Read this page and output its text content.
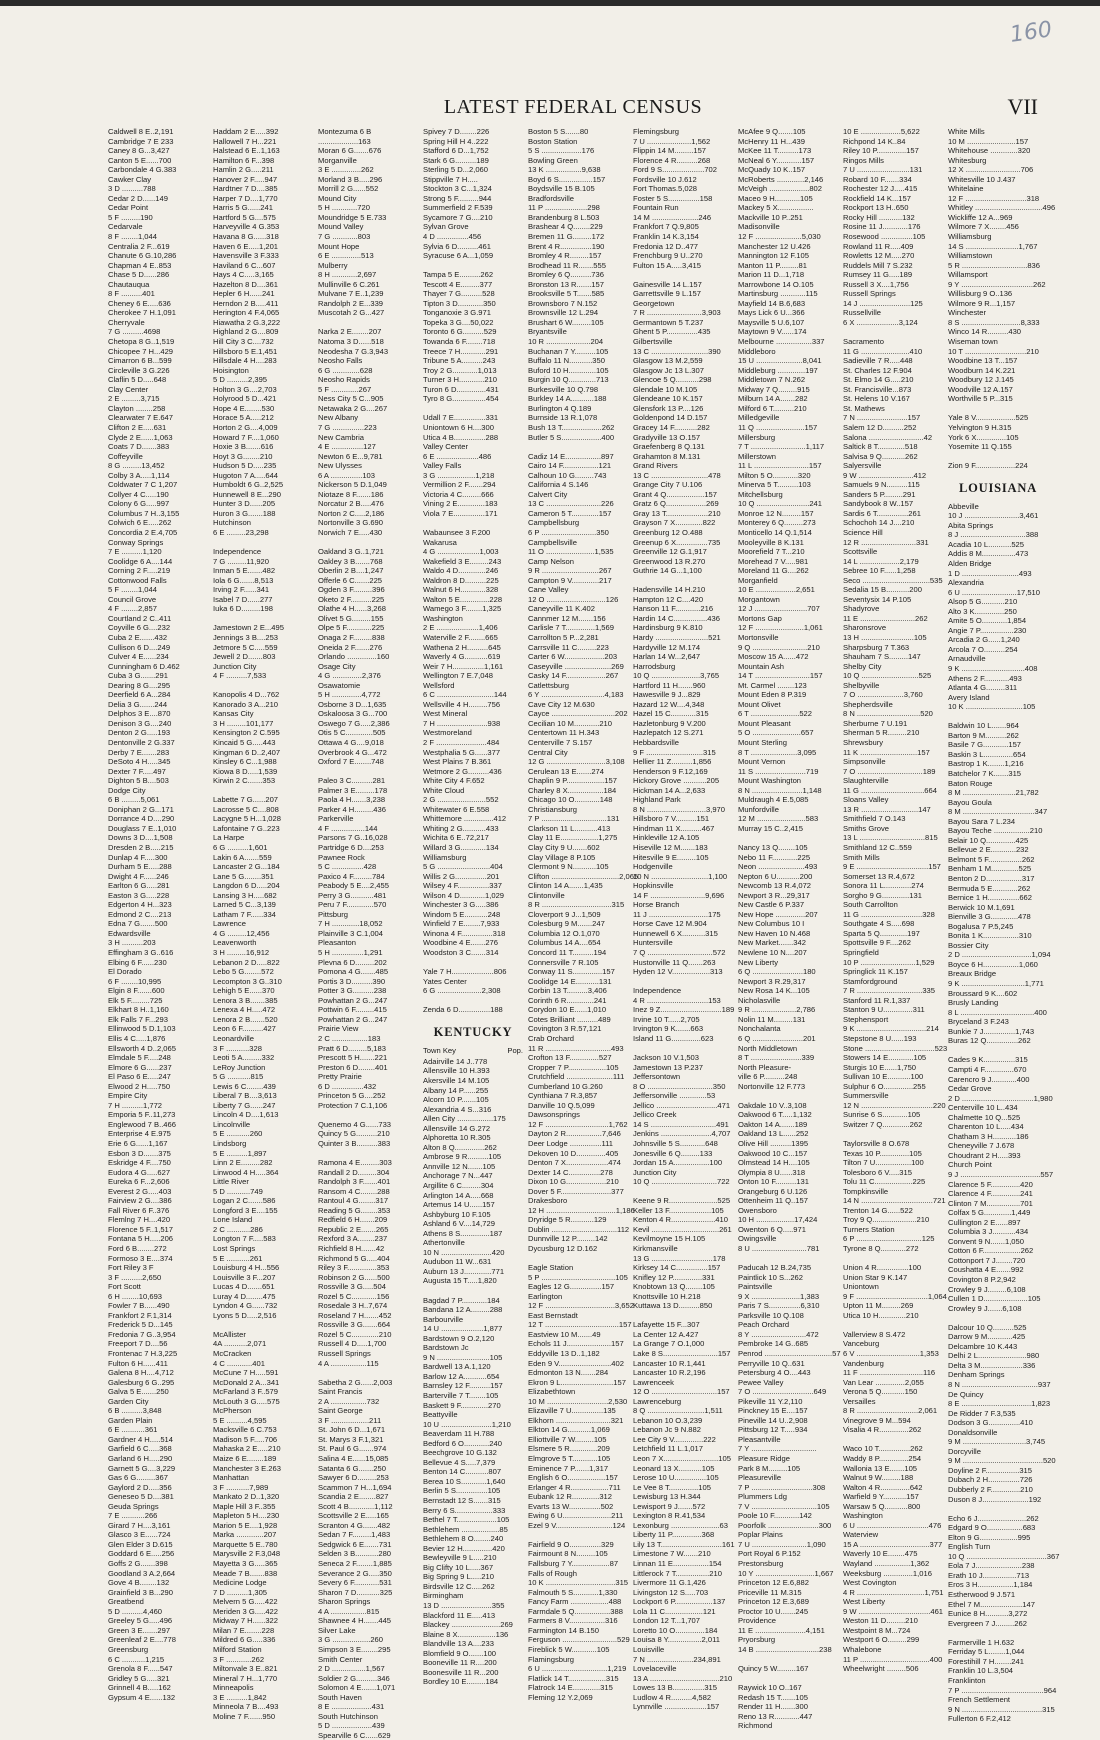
160
LATEST FEDERAL CENSUS	VII
Caldwell 8 E..2,191
Cambridge 7 E 233
Caney 8 G...3,427
Canton 5 E......700
Carbondale 4 G.383
Cawker Clay
3 D ..........788
Cedar 2 D......149
Cedar Point
5 F .........190
Cedarvale
8 F ........1,044
Centralia 2 F...619
Chanute 6 G.10,286
Chapman 4 E..853
Chase 5 D......286
Chautauqua
8 F ..........401
Cheney 6 E.....636
Cherokee 7 H.1,091
Cherryvale
7 G ..........4698
Chetopa 8 G..1,519
Chicopee 7 H...429
Cimarron 6 B...599
Circleville 3 G.226
Claflin 5 D.....648
Clay Center
2 E .........3,715
Clayton ........258
Clearwater 7 E.647
Clifton 2 E.....631
Clyde 2 E......1,063
Coats 7 D.......383
Coffeyville
8 G .........13,452
Colby 3 A.....1,114
Coldwater 7 C 1,207
Collyer 4 C.....190
Colony 6 G.....997
Columbus 7 H..3,155
Colwich 6 E.....262
Concordia 2 E.4,705
Conway Springs
7 E ..........1,120
Coolidge 6 A....144
Corning 2 F.....219
Cottonwood Falls
5 F ........1,044
Council Grove
4 F ........2,857
Courtland 2 C..411
Coyville 6 G....232
Cuba 2 E.......432
Cullison 6 D....249
Culver 4 E......234
Cunningham 6 D.462
Cuba 3 G.......291
Dearing 8 G....295
Deerfield 6 A...284
Delia 3 G.......244
Delphos 3 E....870
Denison 3 G....240
Denton 2 G.....193
Dentonville 2 G.337
Derby 7 E.......283
DeSoto 4 H.....345
Dexter 7 F.....497
Dighton 5 B....503
Dodge City
6 B .........5,061
Doniphan 2 G...171
Dorrance 4 D....290
Douglass 7 E..1,010
Downs 3 D....1,508
Dresden 2 B.....215
Dunlap 4 F.....300
Durham 5 E.....288
Dwight 4 F......246
Earlton 6 G.....281
Easton 3 G.....228
Edgerton 4 H...323
Edmond 2 C....213
Edna 7 G.......500
Edwardsville
3 H ..........203
Effingham 3 G..616
Elbing 6 F......230
El Dorado
6 F ........10,995
Elgin 8 F.......600
Elk 5 F.........725
Elkhart 8 H..1,160
Elk Falls 7 F...293
Ellinwood 5 D.1,103
Ellis 4 C.....1,876
Ellsworth 4 D..2,065
Elmdale 5 F.....248
Elmore 6 G......237
El Paso 6 E.....247
Elwood 2 H.....750
Empire City
7 H ..........1,772
Emporia 5 F..11,273
Englewood 7 B..466
Enterprise 4 E.975
Erie 6 G......1,167
Esbon 3 D.......375
Eskridge 4 F....750
Eudora 4 G.....627
Eureka 6 F...2,606
Everest 2 G.....403
Fairview 2 G....386
Fall River 6 F..376
Flemlng 7 H....420
Florence 5 F..1,517
Fontana 5 H.....206
Ford 6 B........272
Formoso 3 E....374
Fort Riley 3 F
3 F ..........2,650
Fort Scott
6 H ........10,693
Fowler 7 B......490
Frankfort 2 F.1,314
Frederick 5 D...145
Fredonia 7 G..3,954
Freeport 7 D....56
Frontenac 7 H.3,225
Fulton 6 H......411
Galena 8 H....4,712
Galesburg 6 G..295
Galva 5 E.......250
Garden City
6 B ..........3,848
Garden Plain
6 E ...........361
Gardner 4 H.....514
Garfield 6 C.....368
Garland 6 H.....290
Garnett 5 G....3,229
Gas 6 G.........367
Gaylord 2 D.....356
Geneseo 5 D....381
Geuda Springs
7 E ...........266
Girard 7 H....3,161
Glasco 3 E......724
Glen Elder 3 D.615
Goddard 6 E.....256
Goffs 2 G.......398
Goodland 3 A.2,664
Gove 4 B........132
Grainfield 3 B...290
Greatbend
5 D ..........4,460
Greeley 5 G.....496
Green 3 E.......297
Greenleaf 2 E....778
Greensburg
6 C ...........1,215
Grenola 8 F......547
Gridley 5 G.....321
Grinnell 4 B.....162
Gypsum 4 E......132
Haddam 2 E.....392
Hallowell 7 H...221
Halstead 6 E..1,163
Hamilton 6 F...398
Hamlin 2 G.....211
Hanover 2 F.....947
Hardtner 7 D....385
Harper 7 D....1,770
Harris 5 G......241
Hartford 5 G....575
Harveyville 4 G.353
Havana 8 G......318
Haven 6 E.....1,201
Havensville 3 F.333
Haviland 6 C...607
Hays 4 C.....3,165
Hazelton 8 D....361
Hepler 6 H......241
Herndon 2 B.....411
Herington 4 F.4,065
Hiawatha 2 G.3,222
Highland 2 G....809
Hill City 3 C....732
Hillsboro 5 E.1,451
Hillsdale 4 H....283
Hoisington
5 D ..........2,395
Holton 3 G....2,703
Holyrood 5 D...421
Hope 4 E........530
Horace 5 A.....212
Horton 2 G....4,009
Howard 7 F....1,060
Hoxie 3 B.......616
Hoyt 3 G........210
Hudson 5 D.....235
Hugoton 7 A.....644
Humboldt 6 G..2,525
Hunnewell 8 E...290
Hunter 3 D......205
Huron 3 G.......188
Hutchinson
6 E .........23,298

Independence
7 G .........11,920
Inman 5 E.......482
Iola 6 G.......8,513
Irving 2 F......341
Isabel 7 D......277
Iuka 6 D.........198

Jamestown 2 E...495
Jennings 3 B....253
Jetmore 5 C.....559
Jewell 2 D.......803
Junction City
4 F ..........7,533

Kanopolis 4 D...762
Kanorado 3 A...210
Kansas City
3 H .........101,177
Kensington 2 C.595
Kincaid 5 G.....443
Kingman 6 D..2,407
Kinsley 6 C...1,988
Kiowa 8 D.....1,539
Kirwin 2 C.......353

Labette 7 G......207
Lacrosse 5 C....808
Lacygne 5 H...1,028
Lafontaine 7 G..223
La Harpe
6 G ..........1,601
Lakin 6 A.......559
Lancaster 2 G...184
Lane 5 G........351
Langdon 6 D.....204
Lansing 3 H.....682
Larned 5 C...3,139
Latham 7 F......334
Lawrence
4 G .........12,456
Leavenworth
3 H .........16,912
Lebanon 2 D.....822
Lebo 5 G........572
Lecompton 3 G..310
Lehigh 5 E......370
Lenora 3 B.......385
Lenexa 4 H.....472
Lenora 2 B.......520
Leon 6 F..........427
Leonardville
3 F ...........328
Leoti 5 A.........332
LeRoy Junction
5 G ...........815
Lewis 6 C........439
Liberal 7 B....3,613
Liberty 7 G......247
Lincoln 4 D....1,613
Lincolnville
5 E ...........260
Lindsborg
5 E ..........1,897
Linn 2 E.........282
Linwood 4 H.....364
Little River
5 D ...........749
Logan 2 C.......586
Longford 3 E....155
Lone Island
2 C ...........286
Longton 7 F.....583
Lost Springs
5 E ...........261
Louisburg 4 H...556
Louisville 3 F...207
Lucas 4 D.......651
Luray 4 D........475
Lyndon 4 G......732
Lyons 5 D.....2,516

McAllister
4A ...........2,071
McCracken
4 C ............401
McCune 7 H.....591
McDonald 2 A...341
McFarland 3 F..579
McLouth 3 G.....575
McPherson
5 E ..........4,595
Macksville 6 C.753
Madison 5 F.....706
Mahaska 2 E.....210
Maize 6 E........189
Manchester 3 E.263
Manhattan
3 F ...........7,989
Mankato 2 D..1,320
Maple Hill 3 F..355
Mapleton 5 H....230
Marion 5 E....1,928
Marka .............207
Marquette 5 E..780
Marysville 2 F.3,048
Mayetta 3 G.....365
Meade 7 B.......838
Medicine Lodge
7 D ..........1,305
Melvern 5 G.....422
Meriden 3 G.....422
Midway 7 H......322
Milan 7 E........228
Mildred 6 G.....336
Milford Station
3 F ............262
Miltonvale 3 E..821
Mineral 7 H...1,770
Minneapolis
3 E ..........1,842
Minneola 7 B....493
Moline 7 F.......950
Montezuma 6 B
...................163
Moran 6 G.......676
Morganville
3 E ..............262
Morland 3 B.....296
Morrill 2 G......552
Mound City
5 H ............720
Moundridge 5 E.733
Mound Valley
7 G ............803
Mount Hope
6 E ..............513
Mulberry
8 H ............2,697
Mullinville 6 C.261
Mulvane 7 E..1,239
Randolph 2 E...339
Muscotah 2 G...427

Narka 2 E........207
Natoma 3 D......518
Neodesha 7 G.3,943
Neosho Falls
6 G .............628
Neosho Rapids
5 F .............267
Ness City 5 C...905
Netawaka 2 G....267
New Albany
7 G ...............223
New Cambria
4 E ...............127
Newton 6 E...9,781
New Ulysses
6 A ...............103
Nickerson 5 D.1,049
Niotaze 8 F.......186
Norcatur 2 B.....476
Norton 2 C.....2,186
Nortonville 3 G.690
Norwich 7 E.....430

Oakland 3 G..1,721
Oakley 3 B.......768
Oberlin 2 B....1,247
Offerle 6 C.......225
Ogden 3 F.........396
Oketo 2 F..........225
Olathe 4 H......3,268
Olivet 5 G.........155
Olpe 5 F............225
Onaga 2 F.........838
Oneida 2 F.......276
Orlando ..............160
Osage City
4 G ..............2,376
Osawatomie
5 H ..............4,772
Osborne 3 D...1,635
Oskaloosa 3 G...700
Oswego 7 G.....2,386
Otis 5 C.............505
Ottawa 4 G....9,018
Overbrook 4 G...472
Oxford 7 E........748

Paleo 3 C..........281
Palmer 3 E.........178
Paola 4 H.......3,238
Parker 4 H.........436
Parkerville
4 F ................144
Parsons 7 G..16,028
Partridge 6 D....253
Pawnee Rock
5 C ...............428
Paxico 4 F.........784
Peabody 5 E....2,455
Perry 3 G...........481
Peru 7 F.............570
Pittsburg
7 H .............18,052
Plainville 3 C.1,004
Pleasanton
5 H ...............1,291
Plevna 6 D.........202
Pomona 4 G.......485
Portis 3 D..........390
Potter 3 G..........238
Powhattan 2 G...247
Pottwin 6 F.........415
Powhattan 2 G...247
Prairie View
2 C .................183
Pratt 6 D.........5,183
Prescott 5 H.......221
Preston 6 D........401
Pretty Prairie
6 D ...............432
Princeton 5 G....252
Protection 7 C.1,106

Quenemo 4 G......733
Quincy 5 G..........210
Quinter 3 B..........383

Ramona 4 E.........303
Randall 2 D.........304
Randolph 3 F.......401
Ransom 4 C........288
Rantoul 4 G........317
Reading 5 G........353
Redfield 6 H.......209
Republic 2 E.......265
Rexford 3 A........237
Richfield 8 H.......42
Richmond 5 G.....404
Riley 3 F..............353
Robinson 2 G......500
Rossville 3 G.....504
Rozel 5 C............156
Rosedale 3 H..7,674
Roseland 7 H.......452
Rossville 3 G.......664
Rozel 5 C.............210
Russell 4 D.....1,700
Russell Springs
4 A .................115

Sabetha 2 G......2,003
Saint Francis
2 A .................732
Saint George
3 F ..................211
St. John 6 D...1,671
St. Marys 3 F.1,321
St. Paul 6 G.......974
Salina 4 E......15,085
Satanta 6 G.......250
Sawyer 6 D.........253
Scammon 7 H...1,694
Scandia 2 E........827
Scott 4 B............1,112
Scottsville 2 E.....165
Scranton 4 G.......482
Sedan 7 F.........1,483
Sedgwick 6 E.......731
Selden 3 B...........280
Seneca 2 F........1,885
Severance 2 G.....350
Severy 6 F............531
Sharon 7 D...........325
Sharon Springs
4 A .................815
Shawnee 4 H.......445
Silver Lake
3 G ..................260
Simpson 3 E........295
Smith Center
2 D ................1,567
Soldier 2 G..........346
Solomon 4 E.......1,071
South Haven
8 E ...................431
South Hutchinson
5 D ...................439
Spearville 6 C......629
Spivey 7 D........226
Spring Hill H 4..222
Stafford 6 D...1,752
Stark 6 G..........189
Sterling 5 D...2,060
Stippville 7 H.....
Stockton 3 C...1,324
Strong 5 F..........944
Summerfield 2 F.539
Sycamore 7 G....210
Sylvan Grove
4 D ...............456
Sylvia 6 D..........461
Syracuse 6 A...1,059

Tampa 5 E..........262
Tescott 4 E.........377
Thayer 7 G..........528
Tipton 3 D............350
Tonganoxie 3 G.971
Topeka 3 G....50,022
Toronto 6 G..........529
Towanda 6 F........718
Treece 7 H............291
Tribune 5 A..........243
Troy 2 G............1,013
Turner 3 H............210
Turon 6 D..............431
Tyro 8 G................454

Udall 7 E...............331
Uniontown 6 H....300
Utica 4 B...............288
Valley Center
6 E ....................486
Valley Falls
3 G ..................1,218
Vermillion 2 F.......294
Victoria 4 C.........666
Vining 2 E.............183
Viola 7 E...............171

Wabaunsee 3 F.200
Wakarusa
4 G ....................1,003
Wakefield 3 E.........243
Waldo 4 D.............246
Waldron 8 D..........225
Walnut 6 H............328
Walton 5 E..............228
Wamego 3 F........1,325
Washington
2 E ....................1,406
Waterville 2 F........665
Wathena 2 H..........645
Waverly 4 G...........619
Weir 7 H...............1,161
Wellington 7 E.7,048
Wellsford
6 C ...........................144
Wellsville 4 H.........756
West Mineral
7 H ........................938
Westmoreland
2 F ........................484
Westphalia 5 G......377
West Plains 7 B.361
Wetmore 2 G..........436
White City 4 F.652
White Cloud
2 G .......................552
Whitewater 6 E.558
Whittemore ..............412
Whiting 2 G...........433
Wichita 6 E..72,217
Willard 3 G............134
Williamsburg
5 G .........................404
Willis 2 G...............201
Wilsey 4 F...............337
Wilson 4 D............1,029
Winchester 3 G.....386
Windom 5 E...........248
Winfield 7 E........7,933
Winona 4 F...............318
Woodbine 4 E.......276
Woodston 3 C.......314

Yale 7 H....................806
Yates Center
6 G .....................2,308

Zenda 6 D...............188
KENTUCKY
Town Key	Pop.
Adairville 14 J..778
Allensville 10 H.393
Akersville 14 M.105
Albany 14 P......255
Alcorn 10 P.......105
Alexandria 4 S...316
Allen City .................175
Allensville 14 G.272
Alphoretta 10 R.305
Alton 8 Q..............262
Ambrose 9 R..........105
Annville 12 N.......105
Anchorage 7 N...447
Argillite 6 C.........304
Arlington 14 A.....668
Artemus 14 U......157
Ashbyburg 10 F.105
Ashland 6 V....14,729
Athens 8 S..............187
Athertonville
10 N ........................420
Audubon 11 W...631
Auburn 13 J.............771
Augusta 15 T.....1,820

Bagdad 7 P............184
Bandana 12 A.........288
Barbourville
14 U ....................1,877
Bardstown 9 O.2,120
Bardstown Jc
9 N .........................105
Bardwell 13 A.1,120
Barlow 12 A...........654
Barnsley 12 F..........157
Barterville 7 T........105
Baskett 9 F.............270
Beattyville
10 U ........................1,210
Beaverdam 11 H.788
Bedford 6 O............240
Beechgrove 10 G.132
Bellevue 4 S.....7,379
Benton 14 C...........807
Berea 10 S............1,640
Berlin 5 S...............105
Bernstadt 12 S.......315
Berry 6 S..................333
Bethel 7 T...................105
Bethlehem ..................85
Bethlehem 8 O........240
Bevier 12 H..............420
Bewleyville 9 L.....210
Big Clifty 10 L.....367
Big Spring 9 L.....210
Birdsville 12 C.....262
Birmingham
13 D ........................355
Blackford 11 E.....413
Blackey .......................269
Blaine 8 X..................136
Blandville 13 A....233
Blomfield 9 O.......100
Booneville 11 R....200
Boonesville 11 R...200
Bordley 10 E.........184
Boston 5 S.......80
Boston Station
5 S ...................176
Bowling Green
13 K .................9,638
Boyd 6 S................157
Boydsville 15 B.105
Bradfordsville
11 P ....................298
Brandenburg 8 L.503
Brashear 4 Q........229
Bremen 11 G.........172
Brent 4 R...............190
Bromley 4 R.........157
Brodhead 11 R.......555
Bromley 6 Q..........736
Bronston 13 R.......157
Brooksville 5 T.......585
Brownsboro 7 N.152
Brownsville 12 L.294
Brushart 6 W.........105
Bryantsville
10 R .....................204
Buchanan 7 Y..........105
Buffalo 11 N...........350
Buford 10 H.............105
Burgin 10 Q.............713
Burkesville 10 Q.798
Burkley 14 A...........188
Burlington 4 Q.189
Burnside 13 R.1,078
Bush 13 T...................262
Butler 5 S...................400

Cadiz 14 E.................897
Cairo 14 F.................121
Calhoun 10 G.........743
California 4 S.146
Calvert City
13 C ..........................226
Cameron 5 T.............157
Campbellsburg
6 P ..........................350
Campbellsville
11 O .......................1,535
Camp Nelson
9 R ...........................267
Campton 9 V.............217
Cane Valley
12 O ............................126
Caneyville 11 K.402
Cannmer 12 M.......156
Carlisle 7 T..............1,569
Carrollton 5 P...2,281
Carrsville 11 C.........223
Carter 6 W...................203
Caseyville ......................269
Casky 14 F...................267
Catlettsburg
6 Y ..............................4,183
Cave City 12 M.630
Cayce ..............................202
Cecilian 10 M............210
Centertown 11 H.343
Centerville 7 S.157
Central City
12 G ............................3,108
Cerulean 13 E.......274
Chaplin 9 P..................157
Charley 8 X.................184
Chicago 10 O............148
Christiansburg
7 P ...............................131
Clarkson 11 L...........413
Clay 11 E..................1,275
Clay City 9 U.......602
Clay Village 8 P.105
Clermont 9 N...........105
Clifton ................................2,065
Clinton 14 A.......1,435
Clintonville
8 R .................................315
Cloverport 9 J...1,509
Colesburg 9 M.......247
Columbia 12 O.1,070
Columbus 14 A....654
Concord 11 T..........194
Connersville 7 R.105
Conway 11 S..............157
Coolidge 14 E...........131
Corbin 13 T..........3,406
Corinth 6 R.............241
Corydon 10 E......1,010
Cotes Brilliant ..........489
Covington 3 R.57,121
Crab Orchard
11 R ...............................493
Crofton 13 F..............527
Cropper 7 P..................105
Crutchfield ......................111
Cumberland 10 G.260
Cynthiana 7 R.3,857
Danville 10 Q.5,099
Dawsonsprings
12 F ..............................1,762
Dayton 2 R.................7,646
Deer Lodge ...............111
Dekoven 10 D..............405
Denton 7 X....................474
Dexter 14 C...............278
Dixon 10 G...................210
Dover 5 F........................377
Drakesboro
12 H .................................1,186
Dryridge 5 R...........129
Dublin ...............................112
Dunnville 12 P.........142
Dycusburg 12 D.162

Eagle Station
5 P ...................................105
Eagles 12 G...............157
Earlington
12 F .................................3,652
East Bernstadt
12 T ...................................157
Eastview 10 M.......49
Echols 11 J.....................157
Eddyville 13 D..1,182
Eden 9 V.........................402
Edmonton 13 N.......284
Ekron 9 L.........................157
Elizabethtown
10 M .............................2,530
Elizaville 7 U...............135
Elkhorn ..........................321
Elkton 14 G...........1,069
Elliottville 7 W.........105
Elsmere 5 R.............209
Elmgrove 5 T............105
Eminence 7 P.......1,317
English 6 O..................157
Erlanger 4 R..................711
Eubank 12 R.............312
Evarts 13 W...............502
Ewing 6 U.......................211
Ezel 9 V...........................124

Fairfield 9 O...............329
Fairmount 8 N.........105
Fallsburg 7 Y..................87
Falls of Rough
10 K .................................315
Falmouth 5 S............1,330
Fancy Farm ..................488
Farmdale 5 Q.................388
Farmers 8 V.................316
Farmington 14 B.150
Ferguson ..........................529
Fireblick 5 W............105
Flamingsburg
6 U ...............................1,219
Flatlick 14 T..................315
Flatrock 14 E.............315
Fleming 12 Y.2,069
Flemingsburg
7 U .....................1,562
Flippin 14 M.........157
Florence 4 R..........268
Ford 9 S....................702
Fordsville 10 J.612
Fort Thomas.5,028
Foster 5 S...............158
Fountain Run
14 M ......................246
Frankfort 7 Q.9,805
Franklin 14 K.3,154
Fredonia 12 D..477
Frenchburg 9 U..270
Fulton 15 A.....3,415

Gainesville 14 L.157
Garrettsville 9 L.157
Georgetown
7 R ..........................3,903
Germantown 5 T.237
Ghent 5 P...............435
Gilbertsville
13 C ...........................390
Glasgow 13 M.2,559
Glasgow Jc 13 L.307
Glencoe 5 Q...........298
Glendale 10 M.105
Glendeane 10 K.157
Glensfork 13 P....126
Goldenpond 14 D.157
Gracey 14 F...........282
Gradyville 13 O.157
Graefenberg 8 Q.131
Grahamton 8 M.131
Grand Rivers
13 C ...........................478
Grange City 7 U.106
Grant 4 Q..................157
Gratz 6 Q...................269
Gray 13 T....................210
Grayson 7 X.............822
Greenburg 12 O.488
Greenup 6 X...............735
Greenville 12 G.1,917
Greenwood 13 R.270
Guthrie 14 G...1,100

Hadensville 14 H.210
Hampton 12 C....420
Hanson 11 F............216
Hardin 14 C................436
Hardinsburg 9 K.810
Hardy .........................521
Hardyville 12 M.174
Harlan 14 W...2,647
Harrodsburg
10 Q .......................3,765
Hartford 11 H.......960
Hawesville 9 J...829
Hazard 12 W....4,348
Hazel 15 C............315
Hazletonburg 9 V.200
Hazlepatch 12 S.271
Hebbardsville
9 F ...........................315
Hellier 11 Z..........1,856
Henderson 9 F.12,169
Hickory Grove ...........205
Hickman 14 A...2,633
Highland Park
8 N ............................3,970
Hillsboro 7 V..........151
Hindman 11 X..........467
Hinkleville 12 A.105
Hiseville 12 M.......183
Hitesville 9 E.........105
Hodgenville
10 N ...........................1,100
Hopkinsville
14 F ..........................9,696
Horse Branch
11 J ............................175
Horse Cave 12 M.904
Hunnewell 6 X...........315
Huntersville
7 Q ...............................572
Hustonville 11 Q.......263
Hyden 12 V..................313

Independence
4 R .............................153
Inez 9 Z.............................189
Irvine 10 T......2,705
Irvington 9 K.......663
Island 11 G..............623

Jackson 10 V.1,503
Jamestown 13 P.237
Jeffersontown
8 O ...............................350
Jeffersonville .............53
Jellico .............................471
Jellico Creek
14 S ...............................491
Jenkins ........................4,707
Johnsville 5 S............648
Jonesville 6 Q.........133
Jordan 15 A.................100
Junction City
10 Q ...............................722

Keene 9 R.......................525
Keller 13 F....................105
Kenton 4 R.....................410
Kevil ................................261
Kevilmoyne 15 H.105
Kirkmansville
13 G .............................178
Kirksey 14 C...............157
Knifley 12 P..............331
Knobtown 13 Q........105
Knottsville 10 H.218
Kuttawa 13 D..........850

Lafayette 15 F...307
La Center 12 A.427
La Grange 7 O.1,000
Lake 8 S..........................157
Lancaster 10 R.1,441
Lancaster 10 R.2,196
Lawrenceek
12 O ...............................157
Lawrenceburg
8 Q ...........................1,511
Lebanon 10 O.3,239
Lebanon Jc 9 N.882
Lee City 9 V..............222
Letchfield 11 L.1,017
Leon 7 X..........................105
Leonard 13 X...........105
Lerose 10 U...............105
Le Vee 8 T..............105
Lewisburg 13 H.344
Lewisport 9 J.......572
Lexington 8 R.41,534
Lexonburg .......................63
Liberty 11 P..............368
Lily 13 T.............................161
Limestone 7 W.......210
Linnan 11 E.................154
Littlerock 7 T................210
Livermore 11 G.1,426
Livingston 12 S.....703
Lockport 6 P..................137
Lola 11 C..................121
London 12 T...1,707
Loretto 10 O..............184
Louisa 8 Y................2,011
Louisville
7 N ......................234,891
Lovelaceville
13 A .................................210
Lowes 13 B...............315
Ludlow 4 R..........4,582
Lynnville ....................157
McAfee 9 Q.......105
McHenry 11 H...439
McKee 11 T..........173
McNeal 6 Y............157
McQuady 10 K..157
McRoberts .............2,146
McVeigh ...................802
Maceo 9 H............105
Mackey 5 X.................
Mackville 10 P..251
Madisonville
12 F ......................5,030
Manchester 12 U.426
Mannington 12 F.105
Manton 11 P.........81
Marion 11 D...1,718
Marrowbone 14 O.105
Martinsburg ............115
Mayfield 14 B.6,683
Mays Lick 6 U...366
Maysville 5 U.6,107
Maytown 9 V......174
Melbourne .................337
Middleboro
15 U ......................8,041
Middleburg .............197
Middletown 7 N.262
Midway 7 Q.........915
Milburn 14 A.......282
Milford 6 T..........210
Milledgeville
11 Q .......................157
Millersburg
7 T ..........................1,117
Millerstown
11 L ..........................157
Milton 5 O............320
Minerva 5 T..........103
Mitchellsburg
10 Q .........................241
Monroe 12 N.........157
Monterey 6 Q.........273
Monticello 14 Q.1,514
Mooleyville 8 K.131
Moorefield 7 T...210
Morehead 7 V.....981
Moreland 11 G....262
Morganfield
10 E ...................2,651
Morgantown
12 J .........................707
Mortons Gap
12 F .......................1,061
Mortonsville
9 Q ..........................210
Moscow 15 A......472
Mountain Ash
14 T ..........................157
Mt. Carmel ........123
Mount Eden 8 P.319
Mount Olivet
6 T .......................522
Mount Pleasant
5 O .......................657
Mount Sterling
8 T ......................3,095
Mount Vernon
11 S ........................719
Mount Washington
8 N ........................1,148
Muldraugh 4 E.5,085
Munfordville
12 M .......................583
Murray 15 C..2,415

Nancy 13 Q........105
Nebo 11 F............225
Neon ......................493
Nepton 6 U...........200
Newcomb 13 R.4,072
Newport 3 R...29,317
New Castle 6 P.337
New Hope ..............207
New Columbus 10 I
New Haven 10 N.468
New Market.......342
Newlene 10 N....207
New Liberty
6 Q ........................180
Newport 3 R.29,317
New Rosa 14 K...105
Nicholasville
9 R .....................2,786
Nolin 11 M.........131
Nonchalanta
6 Q ........................201
North Middletown
8 T ........................339
North Pleasure-
ville 6 P..........248
Nortonville 12 F.773

Oakdale 10 V..3,108
Oakwood 6 T.....1,132
Oakton 14 A.......189
Oakland 13 L......252
Olive Hill ..........1395
Oakwood 10 C...157
Olmstead 14 H....105
Olympia 8 U......318
Onton 10 F..........131
Orangeburg 6 U.126
Ottenheim 11 Q..157
Owensboro
10 H ..................17,424
Owenton 6 Q.....971
Owingsville
8 U ..........................781

Paducah 12 B.24,735
Paintlick 10 S...262
Paintsville
9 X .......................1,383
Paris 7 S...............6,310
Parksville 10 Q.108
Peach Orchard
8 Y ..........................472
Pembroke 14 G..685
Penrod ................................57
Perryville 10 Q..631
Petersburg 4 O....443
Pewee Valley
7 O .............................649
Pikeville 11 Y.2,110
Pinckney 15 E....157
Pineville 14 U..2,908
Pittsburg 12 T.....934
Pleasantville
7 Y ...............................
Pleasure Ridge
Park 8 M.........105
Pleasureville
7 P .............................308
Plummers Ldg
7 V ...............................105
Poole 10 F............142
Poorfolk ........................300
Poplar Plains
7 U ..........................1,090
Port Royal 6 P.152
Prestonsburg
10 Y ............................1,667
Princeton 12 E.6,882
Priceville 11 M.315
Princeton 12 E.3,689
Proctor 10 U.......245
Providence
11 E ........................4,151
Pryorsburg
14 B ..............................238

Quincy 5 W.........167

Raywick 10 O..167
Redash 15 T.......105
Render 11 H.......300
Reno 13 R............447
Richmond
10 E ...................5,622
Richpond 14 K..84
Riley 10 P..............157
Ringos Mills
7 U .........................131
Robard 10 F.......334
Rochester 12 J.....415
Rockfield 14 K...157
Rockport 13 H..650
Rocky Hill ...........132
Rosine 11 J............176
Rosewood ...............105
Rowland 11 R.....409
Rowletts 12 M.....270
Ruddels Mill 7 S.232
Rumsey 11 G.....189
Russell 3 X....1,756
Russell Springs
14 J ........................125
Russellville
6 X ....................3,124

Sacramento
11 G .......................410
Sadieville 7 R.....448
St. Charles 12 F.904
St. Elmo 14 G.....210
St. Francisville...873
St. Helens 10 V.167
St. Mathews
7 N ........................157
Salem 12 D..........252
Salona ..........................42
Saltick 8 T.............518
Salvisa 9 Q...........262
Salyersville
9 W ..........................412
Samuels 9 N..........115
Sanders 5 P.........291
Sandybook 8 W..157
Sardis 6 T...............261
Schochoh 14 J....210
Science Hill
12 R ..........................331
Scottsville
14 L ...................2,179
Sebree 10 F......1,258
Seco ................................535
Sedalia 15 B...........200
Seventysix 14 P.105
Shadyrove
11 E ..........................262
Sharonsrove
13 H .........................105
Sharpsburg 7 T.363
Shauham 7 S.........147
Shelby City
10 Q ...........................525
Shelbyville
7 O ......................3,760
Shepherdsville
8 N ..............................520
Sherburne 7 U.191
Sherman 5 R.........210
Shrewsbury
11 K ...........................157
Simpsonville
7 O ...............................189
Slaughterville
11 G ..............................664
Sloans Valley
13 R ...........................147
Smithfield 7 O.143
Smiths Grove
13 L ...............................815
Smithland 12 C..559
Smith Mills
9 E ..................................157
Somerset 13 R.4,672
Sonora 11 L.............274
Sorgho 9 G.............131
South Carrollton
11 G .............................328
Southgate 4 S.....698
Sparta 5 Q.............197
Spottsville 9 F....262
Springfield
10 P ..........................1,529
Springlick 11 K.157
Stamfordground
7 R ...............................335
Stanford 11 R.1,337
Stanton 9 U..............311
Stephensport
9 K .................................214
Stepstone 8 U......193
Stone .................................523
Stowers 14 E............105
Sturgis 10 E......1,750
Sullivan 10 E...........100
Sulphur 6 O..............255
Summersville
12 N ..................................220
Sunrise 6 S............105
Switzer 7 Q.............262

Taylorsville 8 O.678
Texas 10 P..............105
Tilton 7 U.................100
Tolesboro 6 V.....315
Tolu 11 C..................225
Tompkinsville
14 N ..................................721
Trenton 14 G......522
Troy 9 Q.....................210
Turners Station
6 P ...............................125
Tyrone 8 Q............272

Union 4 R...............100
Union Star 9 K.147
Uniontown
9 F ..................................1,064
Upton 11 M.........269
Utica 10 H.............210

Vallerview 8 S.472
Vanceburg
6 V ..............................1,353
Vandenburg
11 F ..............................116
Van Lear ..............2,055
Verona 5 Q...........150
Versailles
8 R .............................2,061
Vinegrove 9 M...594
Visalia 4 R..............262

Waco 10 T...............262
Waddy 8 P..............254
Wallonia 13 E.......105
Walnut 9 W.........188
Walton 4 R..............642
Warfield 9 Y...........157
Warsaw 5 Q...........800
Washington
6 U ..................................476
Waterview
15 A .................................377
Waverly 10 E........475
Wayland .................1,362
Weeksburg ..............1,016
West Covington
4 R ................................1,751
West Liberty
9 W ..................................461
Weston 11 D.........210
Westpoint 8 M...724
Westport 6 O.........299
Whalebone
11 P .................................400
Wheelwright .........506
White Mills
10 M .......................157
Whitehouse .............320
Whitesburg
12 X ..........................706
Whitesville 10 J.437
Whitelaine
12 F .............................318
Whitley ................................496
Wickliffe 12 A...969
Wilmore 7 X........456
Williamsburg
14 S .........................1,767
Williamstown
5 R ...............................836
Willamsport
9 Y ..................................262
Willisburg 9 O..136
Wilmore 9 R...1,157
Winchester
8 S ............................8,333
Winco 14 R..........430
Wiseman town
10 T .............................210
Woodbine 13 T...157
Woodburn 14 K.221
Woodbury 12 J.145
Woodville 12 A.157
Worthville 5 P...315

Yale 8 V...................525
Yelvington 9 H.315
York 6 X..............105
Yosemite 11 Q.155

Zion 9 F...................224
LOUISIANA
Abbeville
10 J ..........................3,461
Abita Springs
8 J ...............................388
Acadia 10 L...........525
Addis 8 M................473
Alden Bridge
1 D ...........................493
Alexandria
6 U ..........................17,510
Alsop 5 G...........210
Alto 3 K..............250
Amite 5 O............1,854
Angie 7 P................230
Arcadia 2 G......1,240
Arcola 7 O..........254
Arnaudville
9 K ..............................408
Athens 2 F............493
Atlanta 4 G.........311
Avery Island
10 K ...........................105

Baldwin 10 L.......964
Barton 9 M..........262
Basile 7 G............157
Baskin 3 L..............654
Bastrop 1 K........1,216
Batchelor 7 K.......315
Baton Rouge
8 M .........................21,782
Bayou Goula
8 M ..................................347
Bayou Sara 7 L.234
Bayou Teche .................210
Belair 10 Q..............425
Bellevue 2 E............232
Belmont 5 F................262
Benham 1 M.............525
Benton 2 D.................317
Bermuda 5 E............262
Bernice 1 H...............662
Berwick 10 M.1,691
Bienville 3 G.............478
Bogalusa 7 P.5,245
Bonita 1 K.................310
Bossier City
2 D .................................1,094
Boyce 6 H.................1,060
Breaux Bridge
9 K ..............................1,771
Broussard 9 K....602
Brusly Landing
8 L ...................................400
Bryceland 3 F.243
Bunkie 7 J...............1,743
Buras 12 Q...............262

Cades 9 K...............315
Campti 4 F..............670
Carencro 9 J............400
Cedar Grove
2 D ..................................1,980
Centerville 10 L..434
Chalmette 10 Q...525
Charenton 10 L.....434
Chatham 3 H...........186
Cheneyville 7 J.678
Choudrant 2 H.....393
Church Point
9 J ......................................557
Clarence 5 F..............420
Clarence 4 F..............241
Clinton 7 M................701
Colfax 5 G.............1,449
Cullington 2 E......897
Columbia 3 J...........434
Convent 9 N.......1,050
Cotton 6 F..................262
Cottonport 7 J........720
Coushatta 4 E.......992
Covington 8 P.2,942
Crowley 9 J.........6,108
Cullen 1 D.....................105
Crowley 9 J.......6,108

Dalcour 10 Q..........525
Darrow 9 M............425
Delcambre 10 K.443
Delhi 2 L.......................980
Delta 3 M....................336
Denham Springs
8 N ....................................937
De Quincy
8 E .................................1,823
De Ridder 7 F.3,535
Dodson 3 G...............410
Donaldsonville
9 M ..............................3,745
Dorcyville
9 M ......................................520
Doyline 2 F................315
Dubach 2 H...............726
Dubberly 2 F..............210
Duson 8 J......................192

Echo 6 J.......................262
Edgard 9 O.................683
Elton 9 G..................995
English Turn
10 Q ......................................367
Eola 7 J......................238
Erath 10 J................713
Eros 3 H.................1,184
Estherwood 9 J.571
Ethel 7 M....................147
Eunice 8 H...........3,272
Evergreen 7 J.........262

Farmerville 1 H.632
Ferriday 5 L........1,044
Forestihill 7 H........241
Franklin 10 L.3,504
Franklinton
7 P .......................................964
French Settlement
9 N ......................................315
Fullerton 6 F.2,412
